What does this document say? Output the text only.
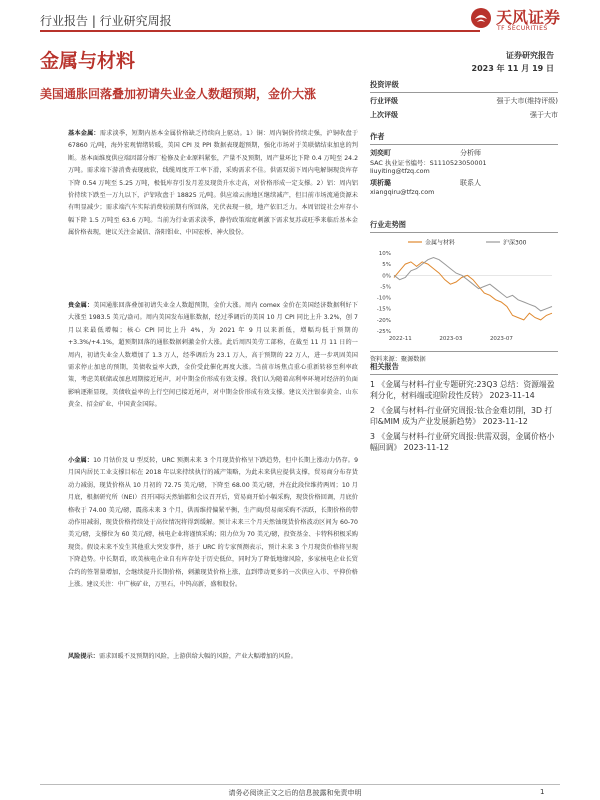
行业报告 | 行业研究周报	天风证券
TF SECURITIES
金属与材料	证券研究报告
2023 年 11 月 19 日
美国通胀回落叠加初请失业金人数超预期，金价大涨
基本金属：需求淡季，短期内基本金属价格缺乏持续向上驱动。1）铜：周内铜价持续走强，沪铜收盘于 67860 元/吨，海外宏观情绪转暖，美国 CPI 及 PPI 数据表现超预期，强化市场对于美联储结束加息的判断。基本面维度供应端因部分炼厂检修及企业原料紧张，产量不及预期，周产量环比下降 0.4 万吨至 24.2 万吨。需求端下游消费表现疲软，线缆周度开工率下滑，采购需求不佳。供需双弱下周内电解铜现货库存下降 0.54 万吨至 5.25 万吨，极低库存引发月差及现货升水走高，对价格形成一定支撑。2）铝：周内铝价持续下跌至一万九以下，沪铝收盘于 18825 元/吨。供应端云南地区继续减产，但目前市场流通货源未有明显减少；需求端汽车实际消费较前期有所回落，光伏表现一般，地产依旧乏力。本周铝锭社会库存小幅下降 1.5 万吨至 63.6 万吨。当前为行业需求淡季，静待政策端宽刺激下需求复苏或旺季来临后基本金属价格表现，建议关注金诚信、洛阳钼业、中国宏桥、神火股份。
贵金属：美国通胀回落叠加初请失业金人数超预期，金价大涨。周内 comex 金价在美国经济数据利好下大涨至 1983.5 美元/盎司。周内美国发布通胀数据，经过季调后的美国 10 月 CPI 同比上升 3.2%，创 7 月以来最低增幅；核心 CPI 同比上升 4%，为 2021 年 9 月以来新低，增幅均低于预期的 +3.3%/+4.1%，超预期回落的通胀数据刺激金价大涨。此后周四美劳工部称，在截至 11 月 11 日的一周内，初请失业金人数增加了 1.3 万人，经季调后为 23.1 万人，高于预期的 22 万人，进一步巩固美国需求停止加息的预期，美债收益率大跌，金价受此催化再度大涨。当前市场焦点重心重新转移至利率政策，考虑美联储或加息周期接近尾声，对中期金价形成有效支撑。我们认为随着高利率环境对经济的负面影响逐渐显现，美债收益率的上行空间已接近尾声，对中期金价形成有效支撑。建议关注银泰黄金、山东黄金、招金矿业、中国黄金国际。
小金属：10 月钴价及 U 型反转，URC 预测未来 3 个月现货价格呈下跌趋势，但中长期上涨动力仍存。9 月国内居民工业支撑目标在 2018 年以来持续执行的减产策略，为此未来供应提供支撑，贸易商分布存货动力减弱，现货价格从 10 月初的 72.75 美元/磅，下降至 68.00 美元/磅，并在此段位维持两周；10 月月底，根据研究所（NEI）召开国际天然铀都和会议召开后，贸易商开始小幅采购，现货价格回调，月底价格收于 74.00 美元/磅，震荡未来 3 个月，供需维持偏紧平衡，生产商/贸易商采购不活跃，长期价格的带动作用减弱，现货价格持续处于高位情况将得到缓解。预计未来三个月天然铀现货价格波动区间为 60-70 美元/磅，支撑位为 60 美元/磅，核电企业将谨慎采购；阻力位为 70 美元/磅，投资基金、卡特科积极采购现货。假设未来不发生其他重大突发事件，基于 URC 的专家预测表示，预计未来 3 个月现货价格将呈现下降趋势。中长期看，欧美核电企业自有库存处于历史低位，同时为了降低地缘风险，多家核电企业长贸合约的签署量增加，会继续提升长期价格，刺激现货价格上涨，直到带动更多的一次供应入市、平抑价格上涨。建议关注：中广核矿业，万里石，中钨高新，盛和股份。
风险提示：需求回暖不及预期的风险，上游供给大幅的风险，产业大幅增加的风险。
投资评级
行业评级	强于大市(维持评级)
上次评级	强于大市
作者
刘奕町	分析师
SAC 执业证书编号：S1110523050001
liuyiting@tfzq.com
项析璐	联系人
xiangqiru@tfzq.com
行业走势图
金属与材料	沪深300
10%
5%
0%
-5%
-10%
-15%
-20%
-25%
2022-11	2023-03	2023-07
资料来源：聚源数据
相关报告
1 《金属与材料-行业专题研究:23Q3 总结：资源端盈利分化，材料端或迎阶段性反转》 2023-11-14
2 《金属与材料-行业研究周报:钛合金难切削，3D 打印&MIM 成为产业发展新趋势》 2023-11-12
3 《金属与材料-行业研究周报:供需双弱，金属价格小幅回调》 2023-11-12
请务必阅读正文之后的信息披露和免责申明	1
